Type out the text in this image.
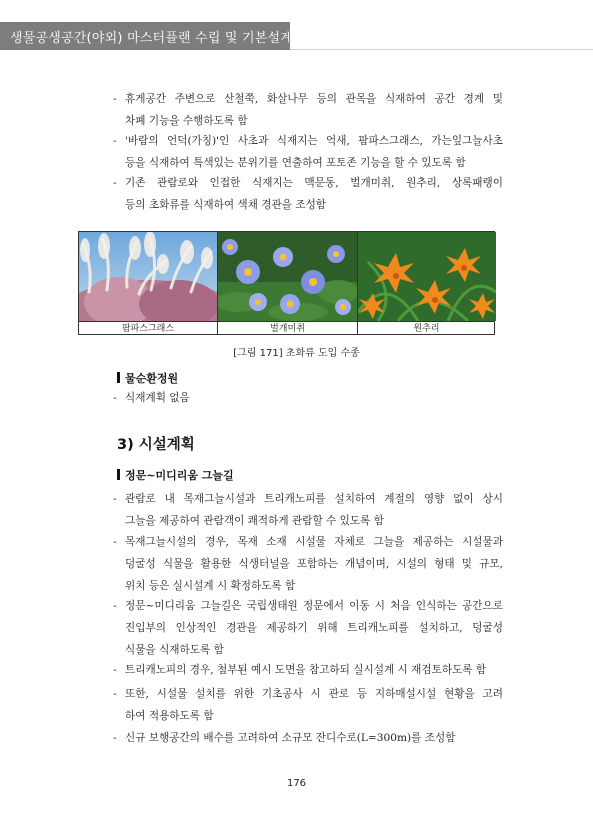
생물공생공간(야외) 마스터플랜 수립 및 기본설계
- 휴게공간 주변으로 산철쭉, 화살나무 등의 관목을 식재하여 공간 경계 및
차폐 기능을 수행하도록 함
- '바람의 언덕(가칭)'인 사초과 식재지는 억새, 팜파스그래스, 가는잎그늘사초
등을 식재하여 특색있는 분위기를 연출하여 포토존 기능을 할 수 있도록 함
- 기존 관람로와 인접한 식재지는 맥문동, 벌개미취, 원추리, 상록패랭이
등의 초화류를 식재하여 색채 경관을 조성함
팜파스그래스	벌개미취	원추리
[그림 171] 초화류 도입 수종
물순환정원
- 식재계획 없음
3) 시설계획
정문~미디리움 그늘길
- 관람로 내 목재그늘시설과 트리캐노피를 설치하여 계절의 영향 없이 상시
그늘을 제공하여 관람객이 쾌적하게 관람할 수 있도록 함
- 목재그늘시설의 경우, 목재 소재 시설물 자체로 그늘을 제공하는 시설물과
덩굴성 식물을 활용한 식생터널을 포함하는 개념이며, 시설의 형태 및 규모,
위치 등은 실시설계 시 확정하도록 함
- 정문~미디리움 그늘길은 국립생태원 정문에서 이동 시 처음 인식하는 공간으로
진입부의 인상적인 경관을 제공하기 위해 트리캐노피를 설치하고, 덩굴성
식물을 식재하도록 함
- 트리캐노피의 경우, 첨부된 예시 도면을 참고하되 실시설계 시 재검토하도록 함
- 또한, 시설물 설치를 위한 기초공사 시 관로 등 지하매설시설 현황을 고려
하여 적용하도록 함
- 신규 보행공간의 배수를 고려하여 소규모 잔디수로(L=300m)를 조성함
176
